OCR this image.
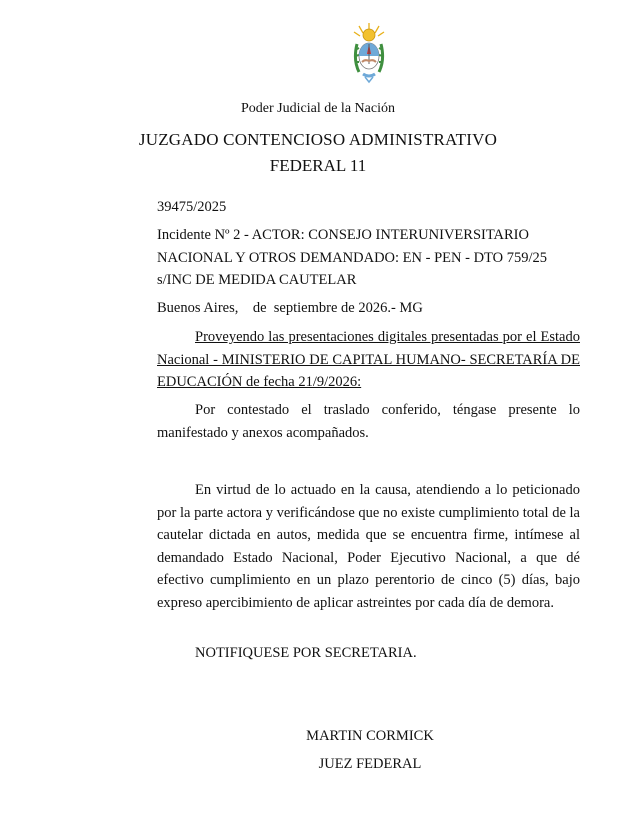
Poder Judicial de la Nación
JUZGADO CONTENCIOSO ADMINISTRATIVO
FEDERAL 11
39475/2025
Incidente Nº 2 - ACTOR: CONSEJO INTERUNIVERSITARIO NACIONAL Y OTROS DEMANDADO: EN - PEN - DTO 759/25 s/INC DE MEDIDA CAUTELAR
Buenos Aires,    de  septiembre de 2026.- MG
Proveyendo las presentaciones digitales presentadas por el Estado Nacional - MINISTERIO DE CAPITAL HUMANO- SECRETARÍA DE EDUCACIÓN de fecha 21/9/2026:
Por contestado el traslado conferido, téngase presente lo manifestado y anexos acompañados.
En virtud de lo actuado en la causa, atendiendo a lo peticionado por la parte actora y verificándose que no existe cumplimiento total de la cautelar dictada en autos, medida que se encuentra firme, intímese al demandado Estado Nacional, Poder Ejecutivo Nacional, a que dé efectivo cumplimiento en un plazo perentorio de cinco (5) días, bajo expreso apercibimiento de aplicar astreintes por cada día de demora.
NOTIFIQUESE POR SECRETARIA.
MARTIN CORMICK
JUEZ FEDERAL
